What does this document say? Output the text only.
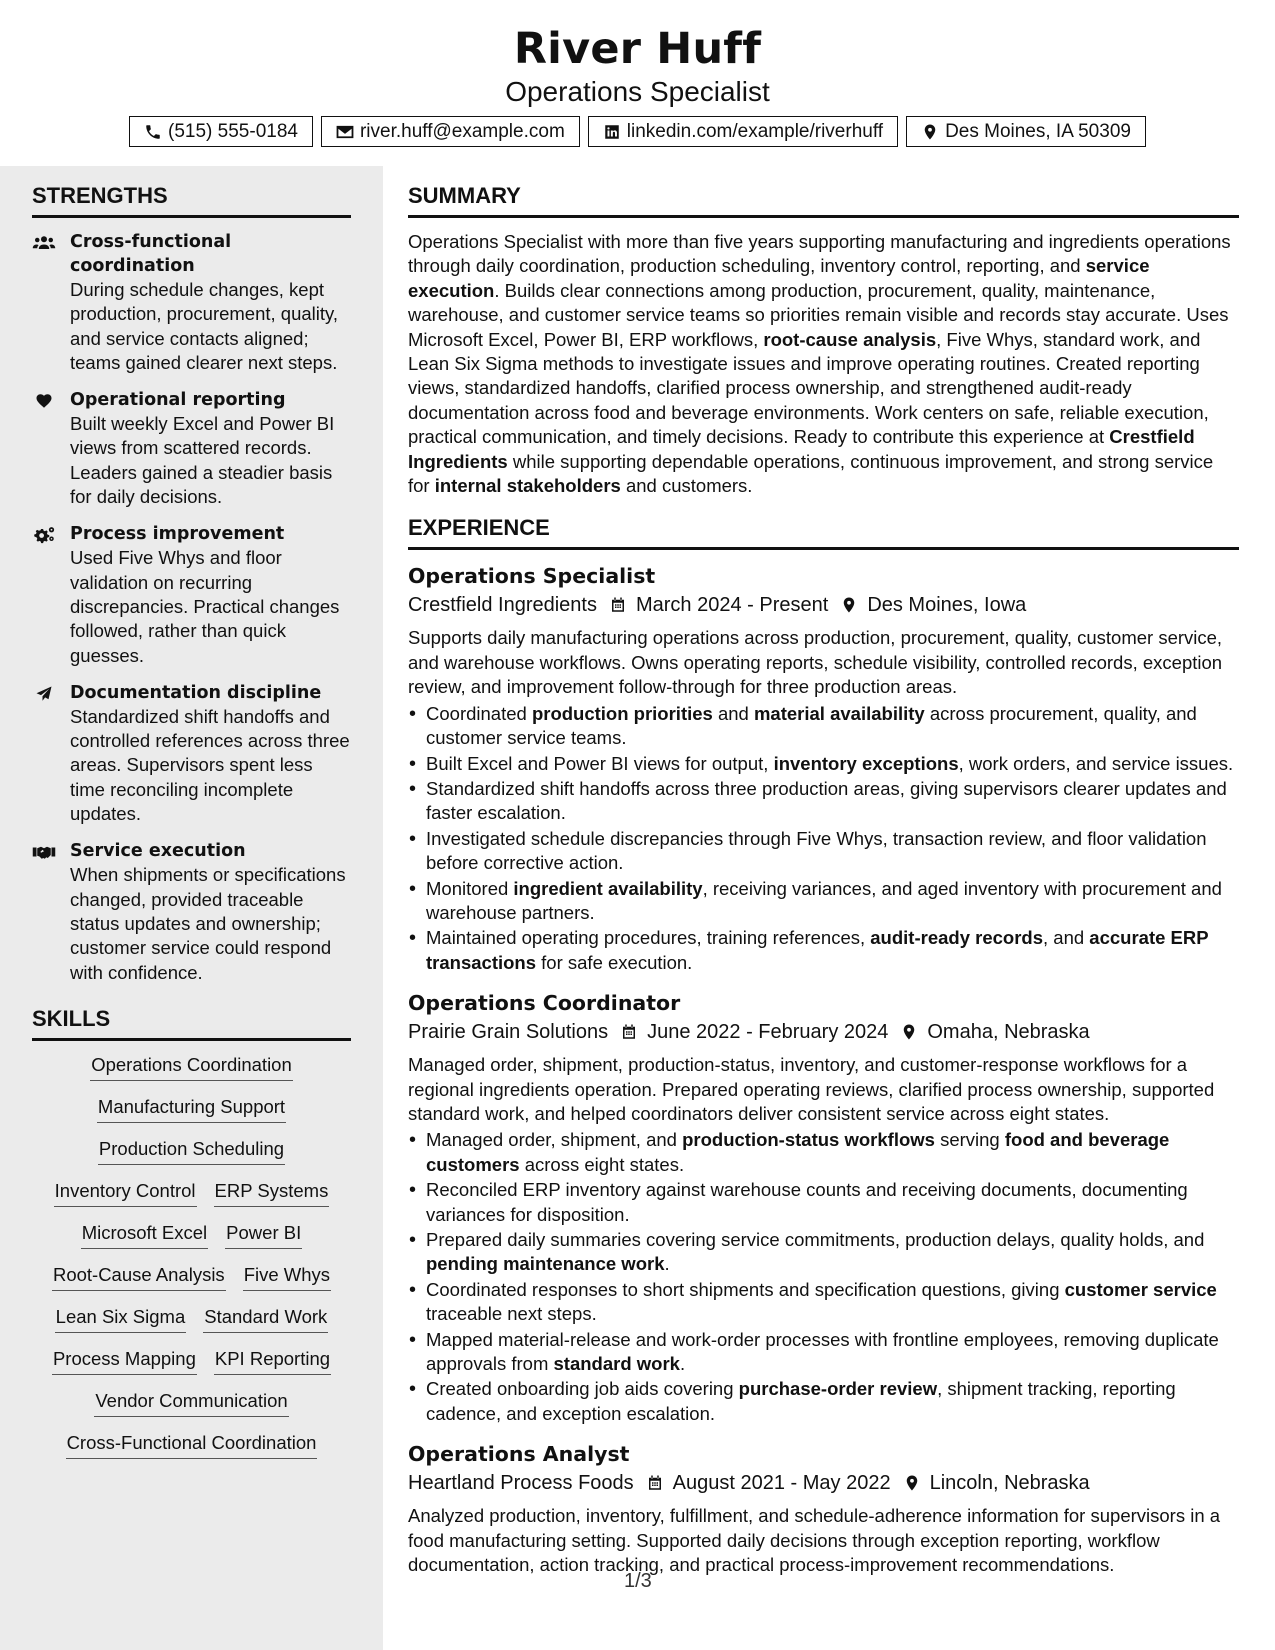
River Huff
Operations Specialist
(515) 555-0184	river.huff@example.com	linkedin.com/example/riverhuff	Des Moines, IA 50309
STRENGTHS
Cross-functional coordination
During schedule changes, kept production, procurement, quality, and service contacts aligned; teams gained clearer next steps.
Operational reporting
Built weekly Excel and Power BI views from scattered records. Leaders gained a steadier basis for daily decisions.
Process improvement
Used Five Whys and floor validation on recurring discrepancies. Practical changes followed, rather than quick guesses.
Documentation discipline
Standardized shift handoffs and controlled references across three areas. Supervisors spent less time reconciling incomplete updates.
Service execution
When shipments or specifications changed, provided traceable status updates and ownership; customer service could respond with confidence.
SKILLS
Operations Coordination
Manufacturing Support
Production Scheduling
Inventory Control ERP Systems
Microsoft Excel Power BI
Root-Cause Analysis Five Whys
Lean Six Sigma Standard Work
Process Mapping KPI Reporting
Vendor Communication
Cross-Functional Coordination
SUMMARY
Operations Specialist with more than five years supporting manufacturing and ingredients operations through daily coordination, production scheduling, inventory control, reporting, and service execution. Builds clear connections among production, procurement, quality, maintenance, warehouse, and customer service teams so priorities remain visible and records stay accurate. Uses Microsoft Excel, Power BI, ERP workflows, root-cause analysis, Five Whys, standard work, and Lean Six Sigma methods to investigate issues and improve operating routines. Created reporting views, standardized handoffs, clarified process ownership, and strengthened audit-ready documentation across food and beverage environments. Work centers on safe, reliable execution, practical communication, and timely decisions. Ready to contribute this experience at Crestfield Ingredients while supporting dependable operations, continuous improvement, and strong service for internal stakeholders and customers.
EXPERIENCE
Operations Specialist
Crestfield Ingredients March 2024 - Present Des Moines, Iowa
Supports daily manufacturing operations across production, procurement, quality, customer service, and warehouse workflows. Owns operating reports, schedule visibility, controlled records, exception review, and improvement follow-through for three production areas.
• Coordinated production priorities and material availability across procurement, quality, and customer service teams.
• Built Excel and Power BI views for output, inventory exceptions, work orders, and service issues.
• Standardized shift handoffs across three production areas, giving supervisors clearer updates and faster escalation.
• Investigated schedule discrepancies through Five Whys, transaction review, and floor validation before corrective action.
• Monitored ingredient availability, receiving variances, and aged inventory with procurement and warehouse partners.
• Maintained operating procedures, training references, audit-ready records, and accurate ERP transactions for safe execution.
Operations Coordinator
Prairie Grain Solutions June 2022 - February 2024 Omaha, Nebraska
Managed order, shipment, production-status, inventory, and customer-response workflows for a regional ingredients operation. Prepared operating reviews, clarified process ownership, supported standard work, and helped coordinators deliver consistent service across eight states.
• Managed order, shipment, and production-status workflows serving food and beverage customers across eight states.
• Reconciled ERP inventory against warehouse counts and receiving documents, documenting variances for disposition.
• Prepared daily summaries covering service commitments, production delays, quality holds, and pending maintenance work.
• Coordinated responses to short shipments and specification questions, giving customer service traceable next steps.
• Mapped material-release and work-order processes with frontline employees, removing duplicate approvals from standard work.
• Created onboarding job aids covering purchase-order review, shipment tracking, reporting cadence, and exception escalation.
Operations Analyst
Heartland Process Foods August 2021 - May 2022 Lincoln, Nebraska
Analyzed production, inventory, fulfillment, and schedule-adherence information for supervisors in a food manufacturing setting. Supported daily decisions through exception reporting, workflow documentation, action tracking, and practical process-improvement recommendations.
1/3
